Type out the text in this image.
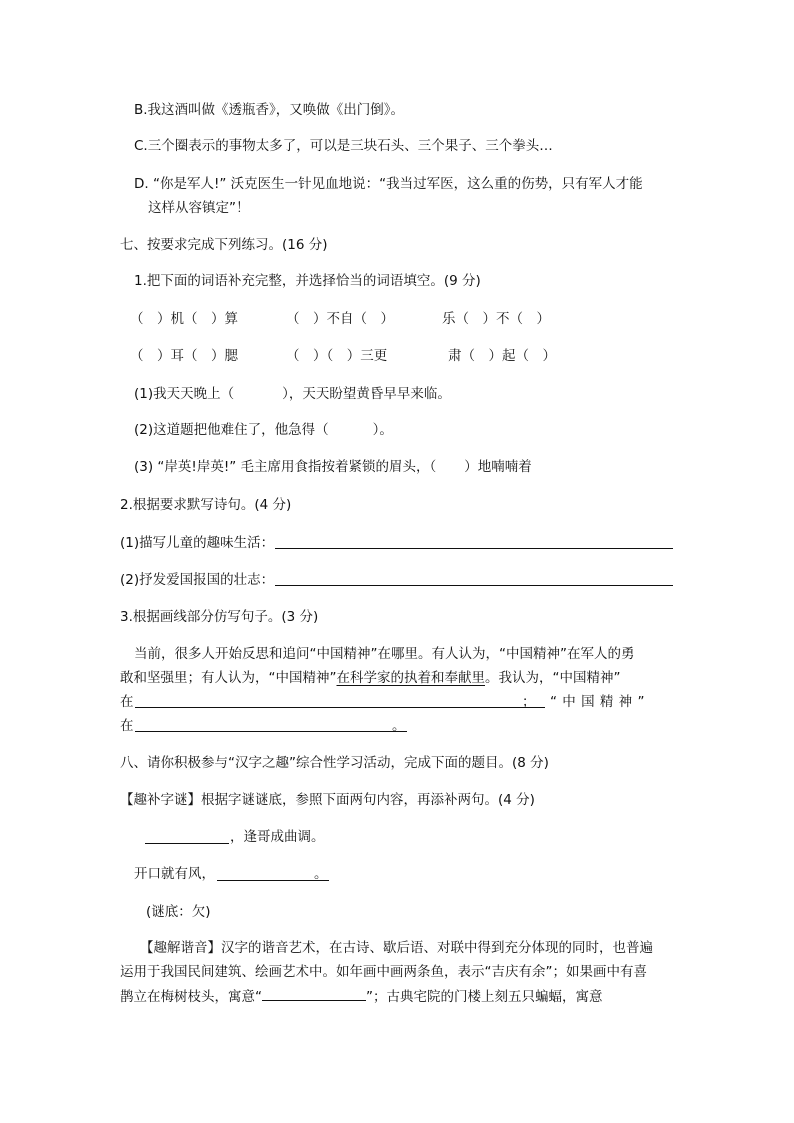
B.我这酒叫做《透瓶香》，又唤做《出门倒》。
C.三个圈表示的事物太多了，可以是三块石头、三个果子、三个拳头…
D. “你是军人!” 沃克医生一针见血地说：“我当过军医，这么重的伤势，只有军人才能
这样从容镇定”！
七、按要求完成下列练习。(16 分)
1.把下面的词语补充完整，并选择恰当的词语填空。(9 分)
（　）机（　）算	（　）不自（　）	乐（　）不（　）
（　）耳（　）腮	（　）（　）三更	肃（　）起（　）
(1)我天天晚上（	），天天盼望黄昏早早来临。
(2)这道题把他难住了，他急得（	）。
(3) “岸英!岸英!” 毛主席用食指按着紧锁的眉头，（ ）地喃喃着
2.根据要求默写诗句。(4 分)
(1)描写儿童的趣味生活：
(2)抒发爱国报国的壮志：
3.根据画线部分仿写句子。(3 分)
当前，很多人开始反思和追问“中国精神”在哪里。有人认为，“中国精神”在军人的勇
敢和坚强里；有人认为，“中国精神”在科学家的执着和奉献里。我认为，“中国精神”
在	； “ 中 国 精 神 ”
在	。
八、请你积极参与“汉字之趣”综合性学习活动，完成下面的题目。(8 分)
【趣补字谜】根据字谜谜底，参照下面两句内容，再添补两句。(4 分)
，逢哥成曲调。
开口就有风，	。
(谜底：欠)
【趣解谐音】汉字的谐音艺术，在古诗、歇后语、对联中得到充分体现的同时，也普遍
运用于我国民间建筑、绘画艺术中。如年画中画两条鱼，表示“吉庆有余”；如果画中有喜
鹊立在梅树枝头，寓意“	”；古典宅院的门楼上刻五只蝙蝠，寓意
